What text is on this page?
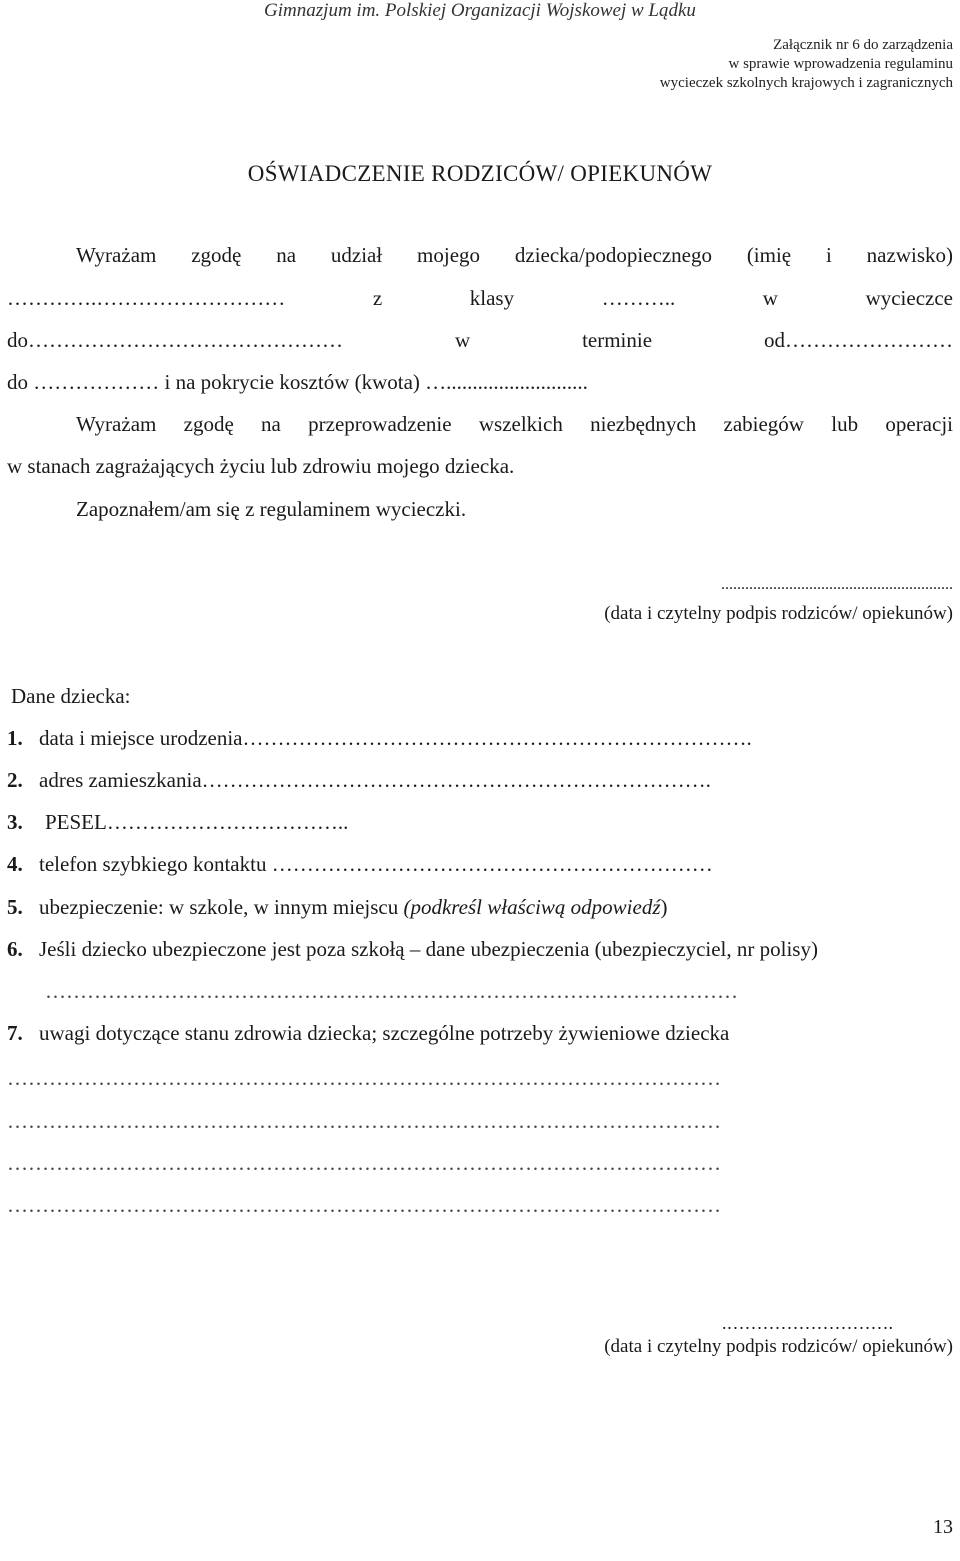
Gimnazjum im. Polskiej Organizacji Wojskowej w Lądku
Załącznik nr 6 do zarządzenia
w sprawie wprowadzenia regulaminu
wycieczek szkolnych krajowych i zagranicznych
OŚWIADCZENIE RODZICÓW/ OPIEKUNÓW
Wyrażam zgodę na udział mojego dziecka/podopiecznego (imię i nazwisko)
………….……………………… z klasy ……….. w wycieczce
do……………………………………… w terminie od……………………
do ……………… i na pokrycie kosztów (kwota) …...........................
Wyrażam zgodę na przeprowadzenie wszelkich niezbędnych zabiegów lub operacji
w stanach zagrażających życiu lub zdrowiu mojego dziecka.
Zapoznałem/am się z regulaminem wycieczki.
..........................................................
(data i czytelny podpis rodziców/ opiekunów)
Dane dziecka:
1. data i miejsce urodzenia……………………………………………………………….
2. adres zamieszkania……………………………………………………………….
3. PESEL……………………………..
4. telefon szybkiego kontaktu ………………………………………………………
5. ubezpieczenie: w szkole, w innym miejscu (podkreśl właściwą odpowiedź)
6. Jeśli dziecko ubezpieczone jest poza szkołą – dane ubezpieczenia (ubezpieczyciel, nr polisy)
………………………………………………………………………………………
7. uwagi dotyczące stanu zdrowia dziecka; szczególne potrzeby żywieniowe dziecka
…………………………………………………………………………………………
…………………………………………………………………………………………
…………………………………………………………………………………………
…………………………………………………………………………………………
.……………………….
(data i czytelny podpis rodziców/ opiekunów)
13
